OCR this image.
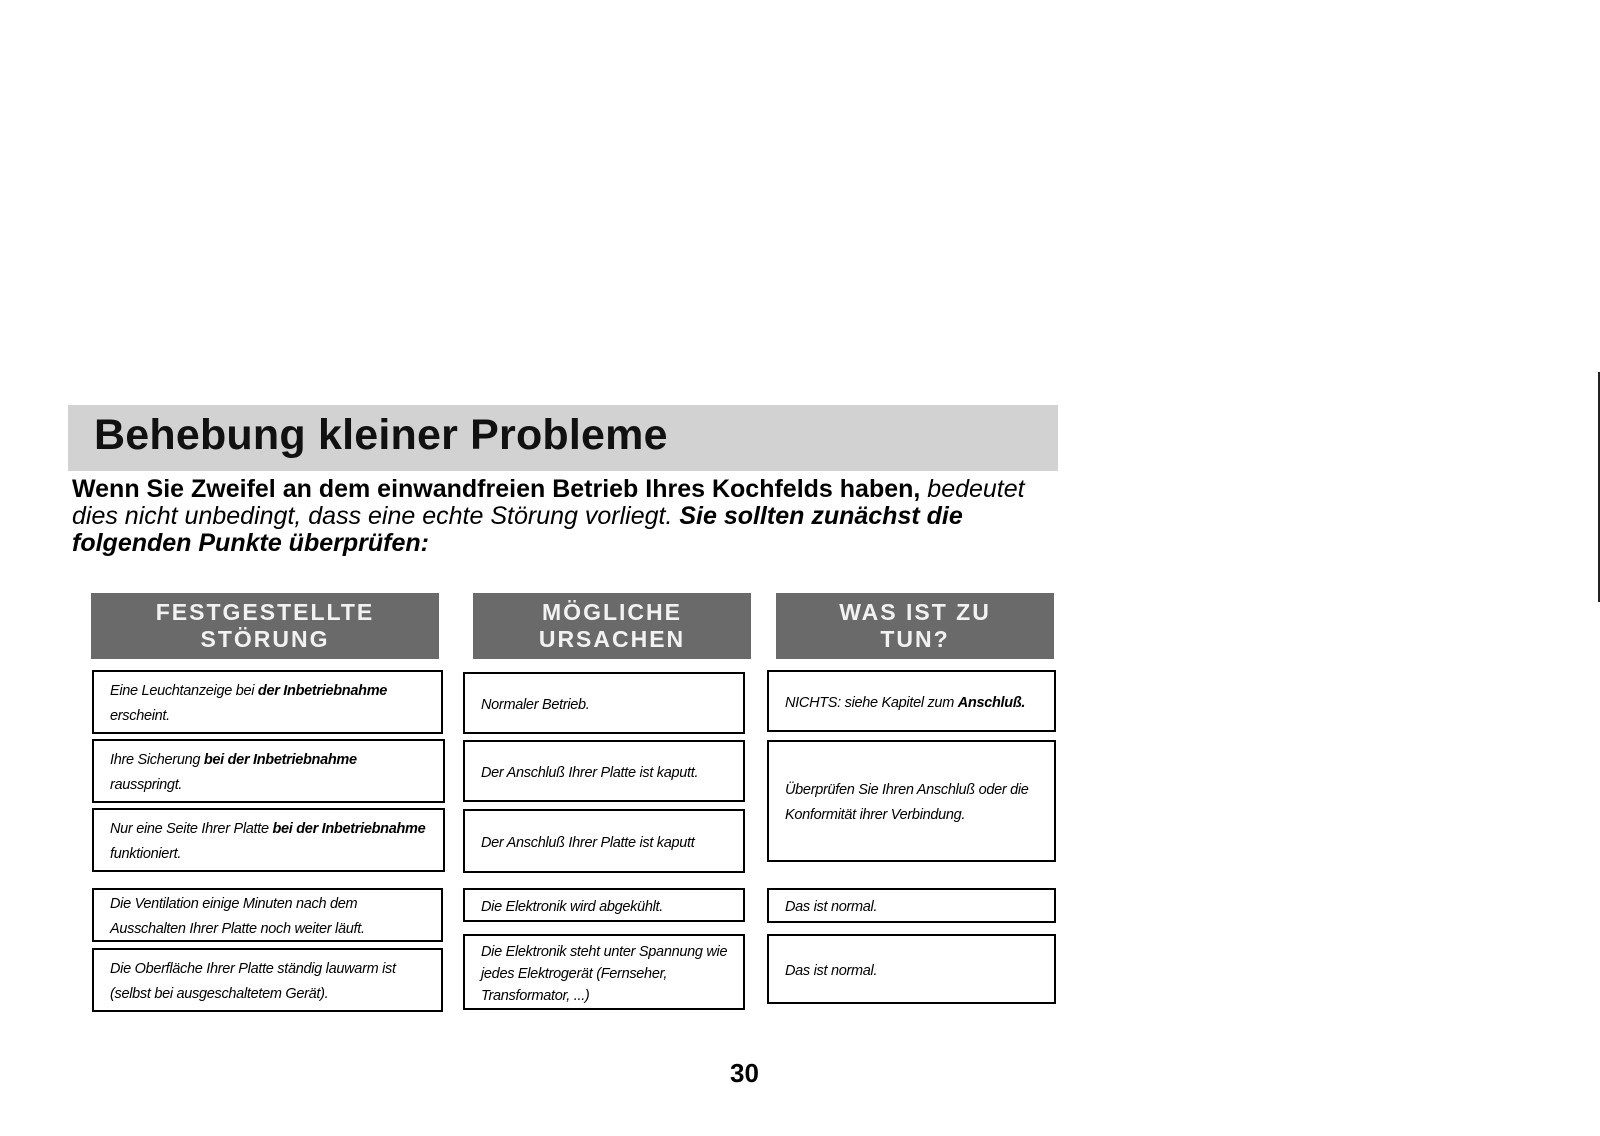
Behebung kleiner Probleme
Wenn Sie Zweifel an dem einwandfreien Betrieb Ihres Kochfelds haben, bedeutet dies nicht unbedingt, dass eine echte Störung vorliegt. Sie sollten zunächst die folgenden Punkte überprüfen:
FESTGESTELLTE
STÖRUNG
MÖGLICHE
URSACHEN
WAS IST ZU
TUN?
Eine Leuchtanzeige bei der Inbetriebnahme erscheint.
Ihre Sicherung bei der Inbetriebnahme rausspringt.
Nur eine Seite Ihrer Platte bei der Inbetriebnahme funktioniert.
Die Ventilation einige Minuten nach dem Ausschalten Ihrer Platte noch weiter läuft.
Die Oberfläche Ihrer Platte ständig lauwarm ist (selbst bei ausgeschaltetem Gerät).
Normaler Betrieb.
Der Anschluß Ihrer Platte ist kaputt.
Der Anschluß Ihrer Platte ist kaputt
Die Elektronik wird abgekühlt.
Die Elektronik steht unter Spannung wie jedes Elektrogerät (Fernseher, Transformator, ...)
NICHTS: siehe Kapitel zum Anschluß.
Überprüfen Sie Ihren Anschluß oder die Konformität ihrer Verbindung.
Das ist normal.
Das ist normal.
30
